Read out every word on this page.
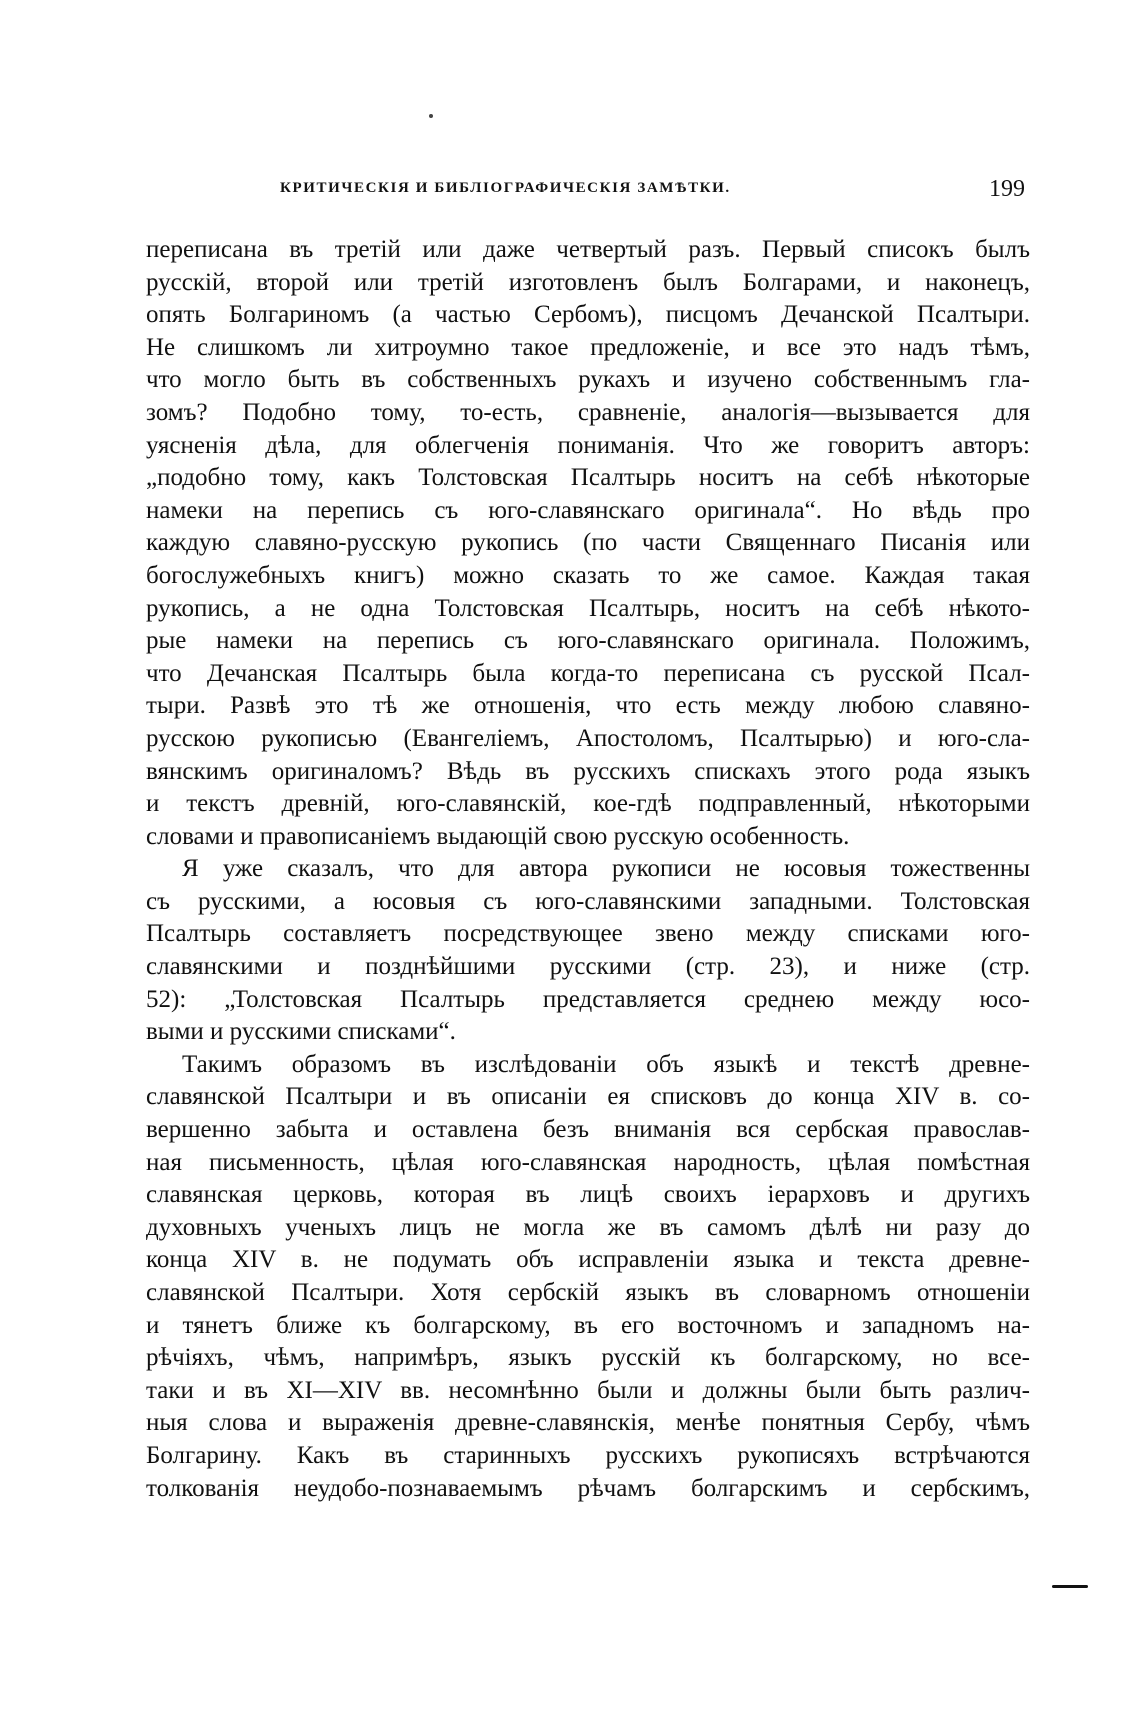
КРИТИЧЕСКІЯ И БИБЛІОГРАФИЧЕСКІЯ ЗАМѢТКИ.	199
переписана въ третій или даже четвертый разъ. Первый списокъ былъ
русскій, второй или третій изготовленъ былъ Болгарами, и наконецъ,
опять Болгариномъ (а частью Сербомъ), писцомъ Дечанской Псалтыри.
Не слишкомъ ли хитроумно такое предложеніе, и все это надъ тѣмъ,
что могло быть въ собственныхъ рукахъ и изучено собственнымъ гла-
зомъ? Подобно тому, то-есть, сравненіе, аналогія—вызывается для
уясненія дѣла, для облегченія пониманія. Что же говоритъ авторъ:
„подобно тому, какъ Толстовская Псалтырь носитъ на себѣ нѣкоторые
намеки на перепись съ юго-славянскаго оригинала“. Но вѣдь про
каждую славяно-русскую рукопись (по части Священнаго Писанія или
богослужебныхъ книгъ) можно сказать то же самое. Каждая такая
рукопись, а не одна Толстовская Псалтырь, носитъ на себѣ нѣкото-
рые намеки на перепись съ юго-славянскаго оригинала. Положимъ,
что Дечанская Псалтырь была когда-то переписана съ русской Псал-
тыри. Развѣ это тѣ же отношенія, что есть между любою славяно-
русскою рукописью (Евангеліемъ, Апостоломъ, Псалтырью) и юго-сла-
вянскимъ оригиналомъ? Вѣдь въ русскихъ спискахъ этого рода языкъ
и текстъ древній, юго-славянскій, кое-гдѣ подправленный, нѣкоторыми
словами и правописаніемъ выдающій свою русскую особенность.
Я уже сказалъ, что для автора рукописи не юсовыя тожественны
съ русскими, а юсовыя съ юго-славянскими западными. Толстовская
Псалтырь составляетъ посредствующее звено между списками юго-
славянскими и позднѣйшими русскими (стр. 23), и ниже (стр.
52): „Толстовская Псалтырь представляется среднею между юсо-
выми и русскими списками“.
Такимъ образомъ въ изслѣдованіи объ языкѣ и текстѣ древне-
славянской Псалтыри и въ описаніи ея списковъ до конца XIV в. со-
вершенно забыта и оставлена безъ вниманія вся сербская православ-
ная письменность, цѣлая юго-славянская народность, цѣлая помѣстная
славянская церковь, которая въ лицѣ своихъ іерарховъ и другихъ
духовныхъ ученыхъ лицъ не могла же въ самомъ дѣлѣ ни разу до
конца XIV в. не подумать объ исправленіи языка и текста древне-
славянской Псалтыри. Хотя сербскій языкъ въ словарномъ отношеніи
и тянетъ ближе къ болгарскому, въ его восточномъ и западномъ на-
рѣчіяхъ, чѣмъ, напримѣръ, языкъ русскій къ болгарскому, но все-
таки и въ XI—XIV вв. несомнѣнно были и должны были быть различ-
ныя слова и выраженія древне-славянскія, менѣе понятныя Сербу, чѣмъ
Болгарину. Какъ въ старинныхъ русскихъ рукописяхъ встрѣчаются
толкованія неудобо-познаваемымъ рѣчамъ болгарскимъ и сербскимъ,
